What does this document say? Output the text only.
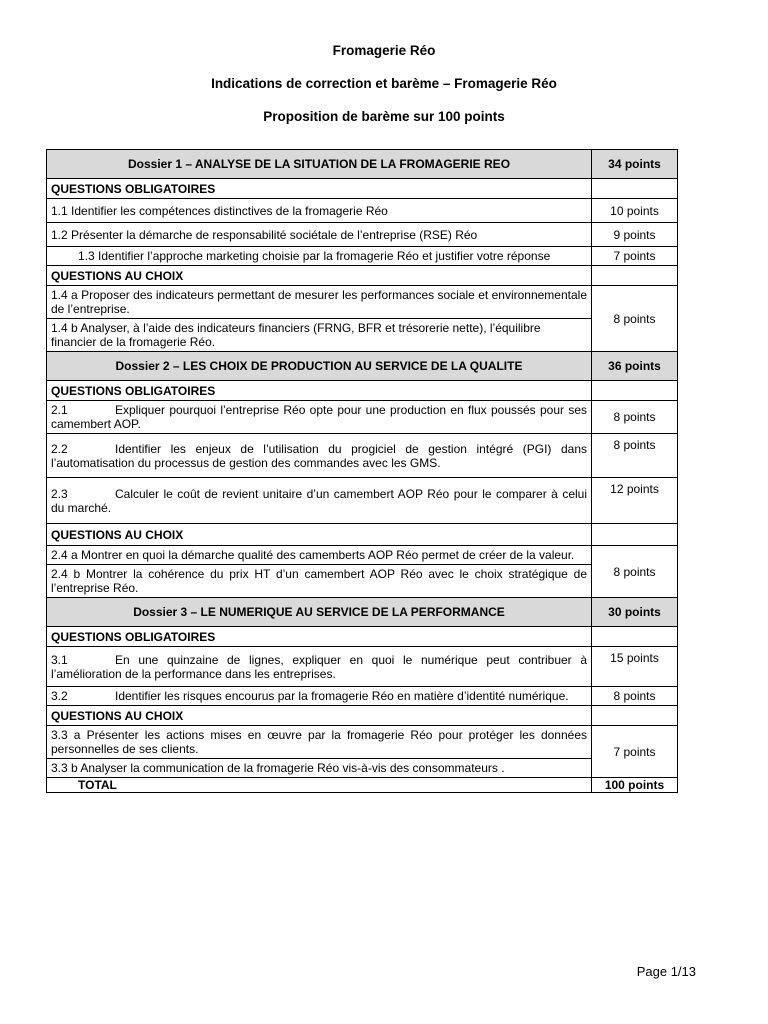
Fromagerie Réo
Indications de correction et barème – Fromagerie Réo
Proposition de barème sur 100 points
Dossier 1 – ANALYSE DE LA SITUATION DE LA FROMAGERIE REO	34 points
QUESTIONS OBLIGATOIRES	
1.1 Identifier les compétences distinctives de la fromagerie Réo	10 points
1.2 Présenter la démarche de responsabilité sociétale de l’entreprise (RSE) Réo	9 points
1.3 Identifier l’approche marketing choisie par la fromagerie Réo et justifier votre réponse	7 points
QUESTIONS AU CHOIX	
1.4 a Proposer des indicateurs permettant de mesurer les performances sociale et environnementale de l’entreprise.	8 points
1.4 b Analyser, à l’aide des indicateurs financiers (FRNG, BFR et trésorerie nette), l’équilibre financier de la fromagerie Réo.	
Dossier 2 – LES CHOIX DE PRODUCTION AU SERVICE DE LA QUALITE	36 points
QUESTIONS OBLIGATOIRES	
2.1 Expliquer pourquoi l’entreprise Réo opte pour une production en flux poussés pour ses camembert AOP.	8 points
2.2 Identifier les enjeux de l’utilisation du progiciel de gestion intégré (PGI) dans l’automatisation du processus de gestion des commandes avec les GMS.	8 points
2.3 Calculer le coût de revient unitaire d’un camembert AOP Réo pour le comparer à celui du marché.	12 points
QUESTIONS AU CHOIX	
2.4 a Montrer en quoi la démarche qualité des camemberts AOP Réo permet de créer de la valeur.	8 points
2.4 b Montrer la cohérence du prix HT d’un camembert AOP Réo avec le choix stratégique de l’entreprise Réo.	
Dossier 3 – LE NUMERIQUE AU SERVICE DE LA PERFORMANCE	30 points
QUESTIONS OBLIGATOIRES	
3.1 En une quinzaine de lignes, expliquer en quoi le numérique peut contribuer à l’amélioration de la performance dans les entreprises.	15 points
3.2 Identifier les risques encourus par la fromagerie Réo en matière d’identité numérique.	8 points
QUESTIONS AU CHOIX	
3.3 a Présenter les actions mises en œuvre par la fromagerie Réo pour protéger les données personnelles de ses clients.	7 points
3.3 b Analyser la communication de la fromagerie Réo vis-à-vis des consommateurs .	
TOTAL	100 points
Page 1/13
